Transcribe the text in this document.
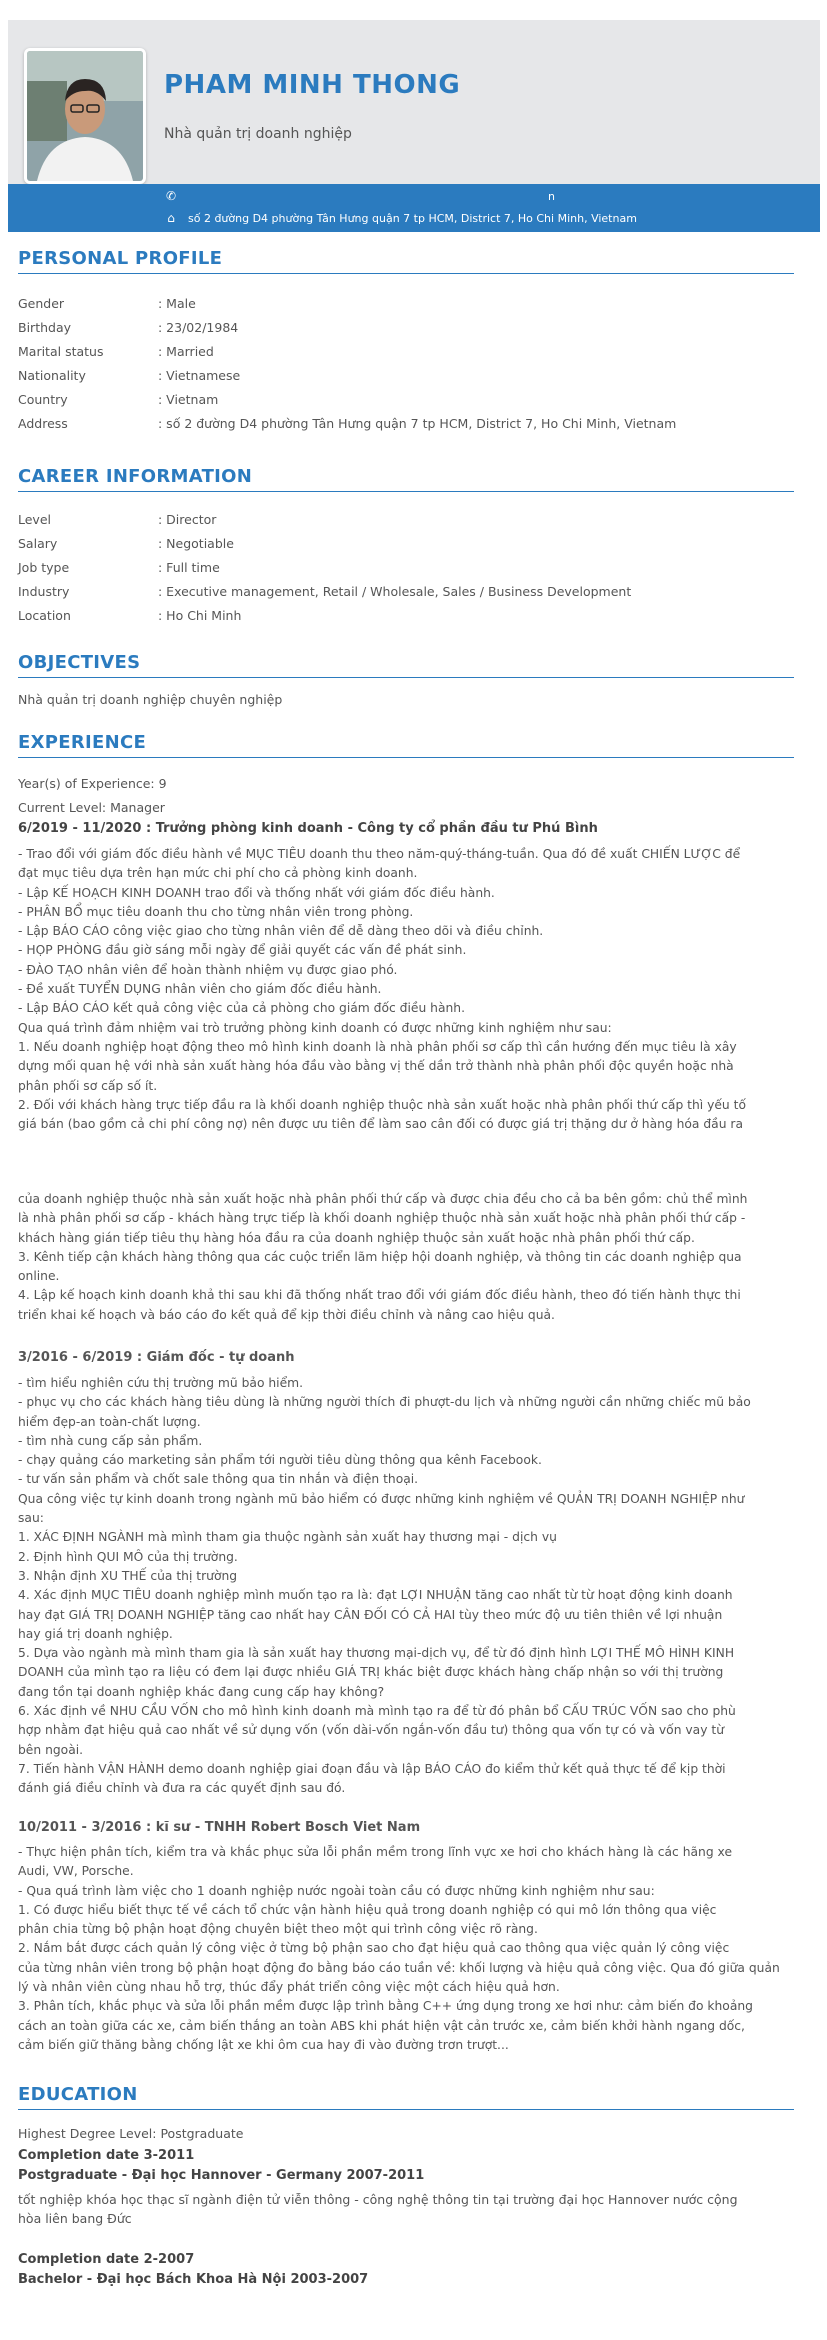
PHAM MINH THONG
Nhà quản trị doanh nghiệp
✆	n
⌂ số 2 đường D4 phường Tân Hưng quận 7 tp HCM, District 7, Ho Chi Minh, Vietnam
PERSONAL PROFILE
Gender	: Male
Birthday	: 23/02/1984
Marital status	: Married
Nationality	: Vietnamese
Country	: Vietnam
Address	: số 2 đường D4 phường Tân Hưng quận 7 tp HCM, District 7, Ho Chi Minh, Vietnam
CAREER INFORMATION
Level	: Director
Salary	: Negotiable
Job type	: Full time
Industry	: Executive management, Retail / Wholesale, Sales / Business Development
Location	: Ho Chi Minh
OBJECTIVES
Nhà quản trị doanh nghiệp chuyên nghiệp
EXPERIENCE
Year(s) of Experience: 9
Current Level: Manager
6/2019 - 11/2020 : Trưởng phòng kinh doanh - Công ty cổ phần đầu tư Phú Bình

- Trao đổi với giám đốc điều hành về MỤC TIÊU doanh thu theo năm-quý-tháng-tuần. Qua đó đề xuất CHIẾN LƯỢC để

đạt mục tiêu dựa trên hạn mức chi phí cho cả phòng kinh doanh.

- Lập KẾ HOẠCH KINH DOANH trao đổi và thống nhất với giám đốc điều hành.

- PHÂN BỔ mục tiêu doanh thu cho từng nhân viên trong phòng.

- Lập BÁO CÁO công việc giao cho từng nhân viên để dễ dàng theo dõi và điều chỉnh.

- HỌP PHÒNG đầu giờ sáng mỗi ngày để giải quyết các vấn đề phát sinh.

- ĐÀO TẠO nhân viên để hoàn thành nhiệm vụ được giao phó.

- Đề xuất TUYỂN DỤNG nhân viên cho giám đốc điều hành.

- Lập BÁO CÁO kết quả công việc của cả phòng cho giám đốc điều hành.

Qua quá trình đảm nhiệm vai trò trưởng phòng kinh doanh có được những kinh nghiệm như sau:

1. Nếu doanh nghiệp hoạt động theo mô hình kinh doanh là nhà phân phối sơ cấp thì cần hướng đến mục tiêu là xây

dựng mối quan hệ với nhà sản xuất hàng hóa đầu vào bằng vị thế dần trở thành nhà phân phối độc quyền hoặc nhà

phân phối sơ cấp số ít.

2. Đối với khách hàng trực tiếp đầu ra là khối doanh nghiệp thuộc nhà sản xuất hoặc nhà phân phối thứ cấp thì yếu tố

giá bán (bao gồm cả chi phí công nợ) nên được ưu tiên để làm sao cân đối có được giá trị thặng dư ở hàng hóa đầu ra

của doanh nghiệp thuộc nhà sản xuất hoặc nhà phân phối thứ cấp và được chia đều cho cả ba bên gồm: chủ thể mình

là nhà phân phối sơ cấp - khách hàng trực tiếp là khối doanh nghiệp thuộc nhà sản xuất hoặc nhà phân phối thứ cấp -

khách hàng gián tiếp tiêu thụ hàng hóa đầu ra của doanh nghiệp thuộc sản xuất hoặc nhà phân phối thứ cấp.

3. Kênh tiếp cận khách hàng thông qua các cuộc triển lãm hiệp hội doanh nghiệp, và thông tin các doanh nghiệp qua

online.

4. Lập kế hoạch kinh doanh khả thi sau khi đã thống nhất trao đổi với giám đốc điều hành, theo đó tiến hành thực thi

triển khai kế hoạch và báo cáo đo kết quả để kịp thời điều chỉnh và nâng cao hiệu quả.

3/2016 - 6/2019 : Giám đốc - tự doanh

- tìm hiểu nghiên cứu thị trường mũ bảo hiểm.

- phục vụ cho các khách hàng tiêu dùng là những người thích đi phượt-du lịch và những người cần những chiếc mũ bảo

hiểm đẹp-an toàn-chất lượng.

- tìm nhà cung cấp sản phẩm.

- chạy quảng cáo marketing sản phẩm tới người tiêu dùng thông qua kênh Facebook.

- tư vấn sản phẩm và chốt sale thông qua tin nhắn và điện thoại.

Qua công việc tự kinh doanh trong ngành mũ bảo hiểm có được những kinh nghiệm về QUẢN TRỊ DOANH NGHIỆP như

sau:

1. XÁC ĐỊNH NGÀNH mà mình tham gia thuộc ngành sản xuất hay thương mại - dịch vụ

2. Định hình QUI MÔ của thị trường.

3. Nhận định XU THẾ của thị trường

4. Xác định MỤC TIÊU doanh nghiệp mình muốn tạo ra là: đạt LỢI NHUẬN tăng cao nhất từ từ hoạt động kinh doanh

hay đạt GIÁ TRỊ DOANH NGHIỆP tăng cao nhất hay CÂN ĐỐI CÓ CẢ HAI tùy theo mức độ ưu tiên thiên về lợi nhuận

hay giá trị doanh nghiệp.

5. Dựa vào ngành mà mình tham gia là sản xuất hay thương mại-dịch vụ, để từ đó định hình LỢI THẾ MÔ HÌNH KINH

DOANH của mình tạo ra liệu có đem lại được nhiều GIÁ TRỊ khác biệt được khách hàng chấp nhận so với thị trường

đang tồn tại doanh nghiệp khác đang cung cấp hay không?

6. Xác định về NHU CẦU VỐN cho mô hình kinh doanh mà mình tạo ra để từ đó phân bổ CẤU TRÚC VỐN sao cho phù

hợp nhằm đạt hiệu quả cao nhất về sử dụng vốn (vốn dài-vốn ngắn-vốn đầu tư) thông qua vốn tự có và vốn vay từ

bên ngoài.

7. Tiến hành VẬN HÀNH demo doanh nghiệp giai đoạn đầu và lập BÁO CÁO đo kiểm thử kết quả thực tế để kịp thời

đánh giá điều chỉnh và đưa ra các quyết định sau đó.

10/2011 - 3/2016 : kĩ sư - TNHH Robert Bosch Viet Nam

- Thực hiện phân tích, kiểm tra và khắc phục sửa lỗi phần mềm trong lĩnh vực xe hơi cho khách hàng là các hãng xe

Audi, VW, Porsche.

- Qua quá trình làm việc cho 1 doanh nghiệp nước ngoài toàn cầu có được những kinh nghiệm như sau:

1. Có được hiểu biết thực tế về cách tổ chức vận hành hiệu quả trong doanh nghiệp có qui mô lớn thông qua việc

phân chia từng bộ phận hoạt động chuyên biệt theo một qui trình công việc rõ ràng.

2. Nắm bắt được cách quản lý công việc ở từng bộ phận sao cho đạt hiệu quả cao thông qua việc quản lý công việc

của từng nhân viên trong bộ phận hoạt động đo bằng báo cáo tuần về: khối lượng và hiệu quả công việc. Qua đó giữa quản

lý và nhân viên cùng nhau hỗ trợ, thúc đẩy phát triển công việc một cách hiệu quả hơn.

3. Phân tích, khắc phục và sửa lỗi phần mềm được lập trình bằng C++ ứng dụng trong xe hơi như: cảm biến đo khoảng

cách an toàn giữa các xe, cảm biến thắng an toàn ABS khi phát hiện vật cản trước xe, cảm biến khởi hành ngang dốc,

cảm biến giữ thăng bằng chống lật xe khi ôm cua hay đi vào đường trơn trượt...

EDUCATION
Highest Degree Level: Postgraduate
Completion date 3-2011
Postgraduate - Đại học Hannover - Germany 2007-2011
tốt nghiệp khóa học thạc sĩ ngành điện tử viễn thông - công nghệ thông tin tại trường đại học Hannover nước cộng
hòa liên bang Đức
Completion date 2-2007
Bachelor - Đại học Bách Khoa Hà Nội 2003-2007
